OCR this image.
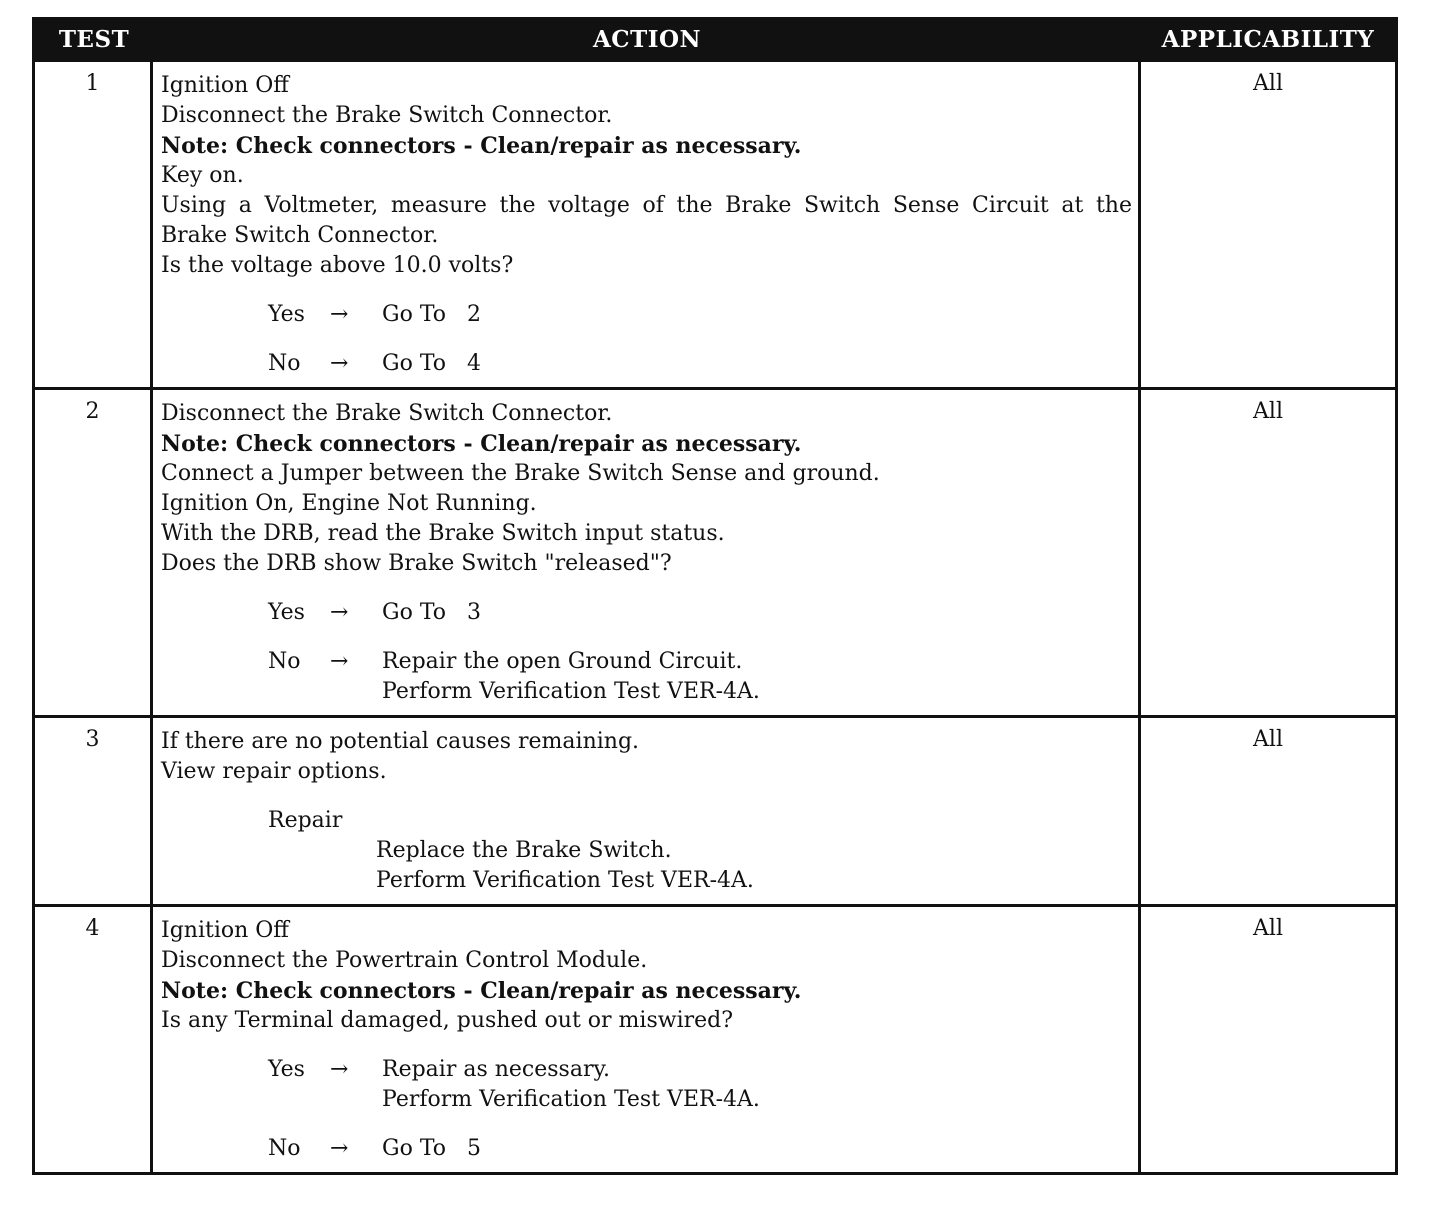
TEST	ACTION	APPLICABILITY
1	Ignition Off
Disconnect the Brake Switch Connector.
Note: Check connectors - Clean/repair as necessary.
Key on.
Using a Voltmeter, measure the voltage of the Brake Switch Sense Circuit at the
Brake Switch Connector.
Is the voltage above 10.0 volts?
Yes	→	Go To   2
No	→	Go To   4
All
2	Disconnect the Brake Switch Connector.
Note: Check connectors - Clean/repair as necessary.
Connect a Jumper between the Brake Switch Sense and ground.
Ignition On, Engine Not Running.
With the DRB, read the Brake Switch input status.
Does the DRB show Brake Switch "released"?
Yes	→	Go To   3
No	→	Repair the open Ground Circuit.
Perform Verification Test VER-4A.
All
3	If there are no potential causes remaining.
View repair options.
Repair
Replace the Brake Switch.
Perform Verification Test VER-4A.
All
4	Ignition Off
Disconnect the Powertrain Control Module.
Note: Check connectors - Clean/repair as necessary.
Is any Terminal damaged, pushed out or miswired?
Yes	→	Repair as necessary.
Perform Verification Test VER-4A.
No	→	Go To   5
All
